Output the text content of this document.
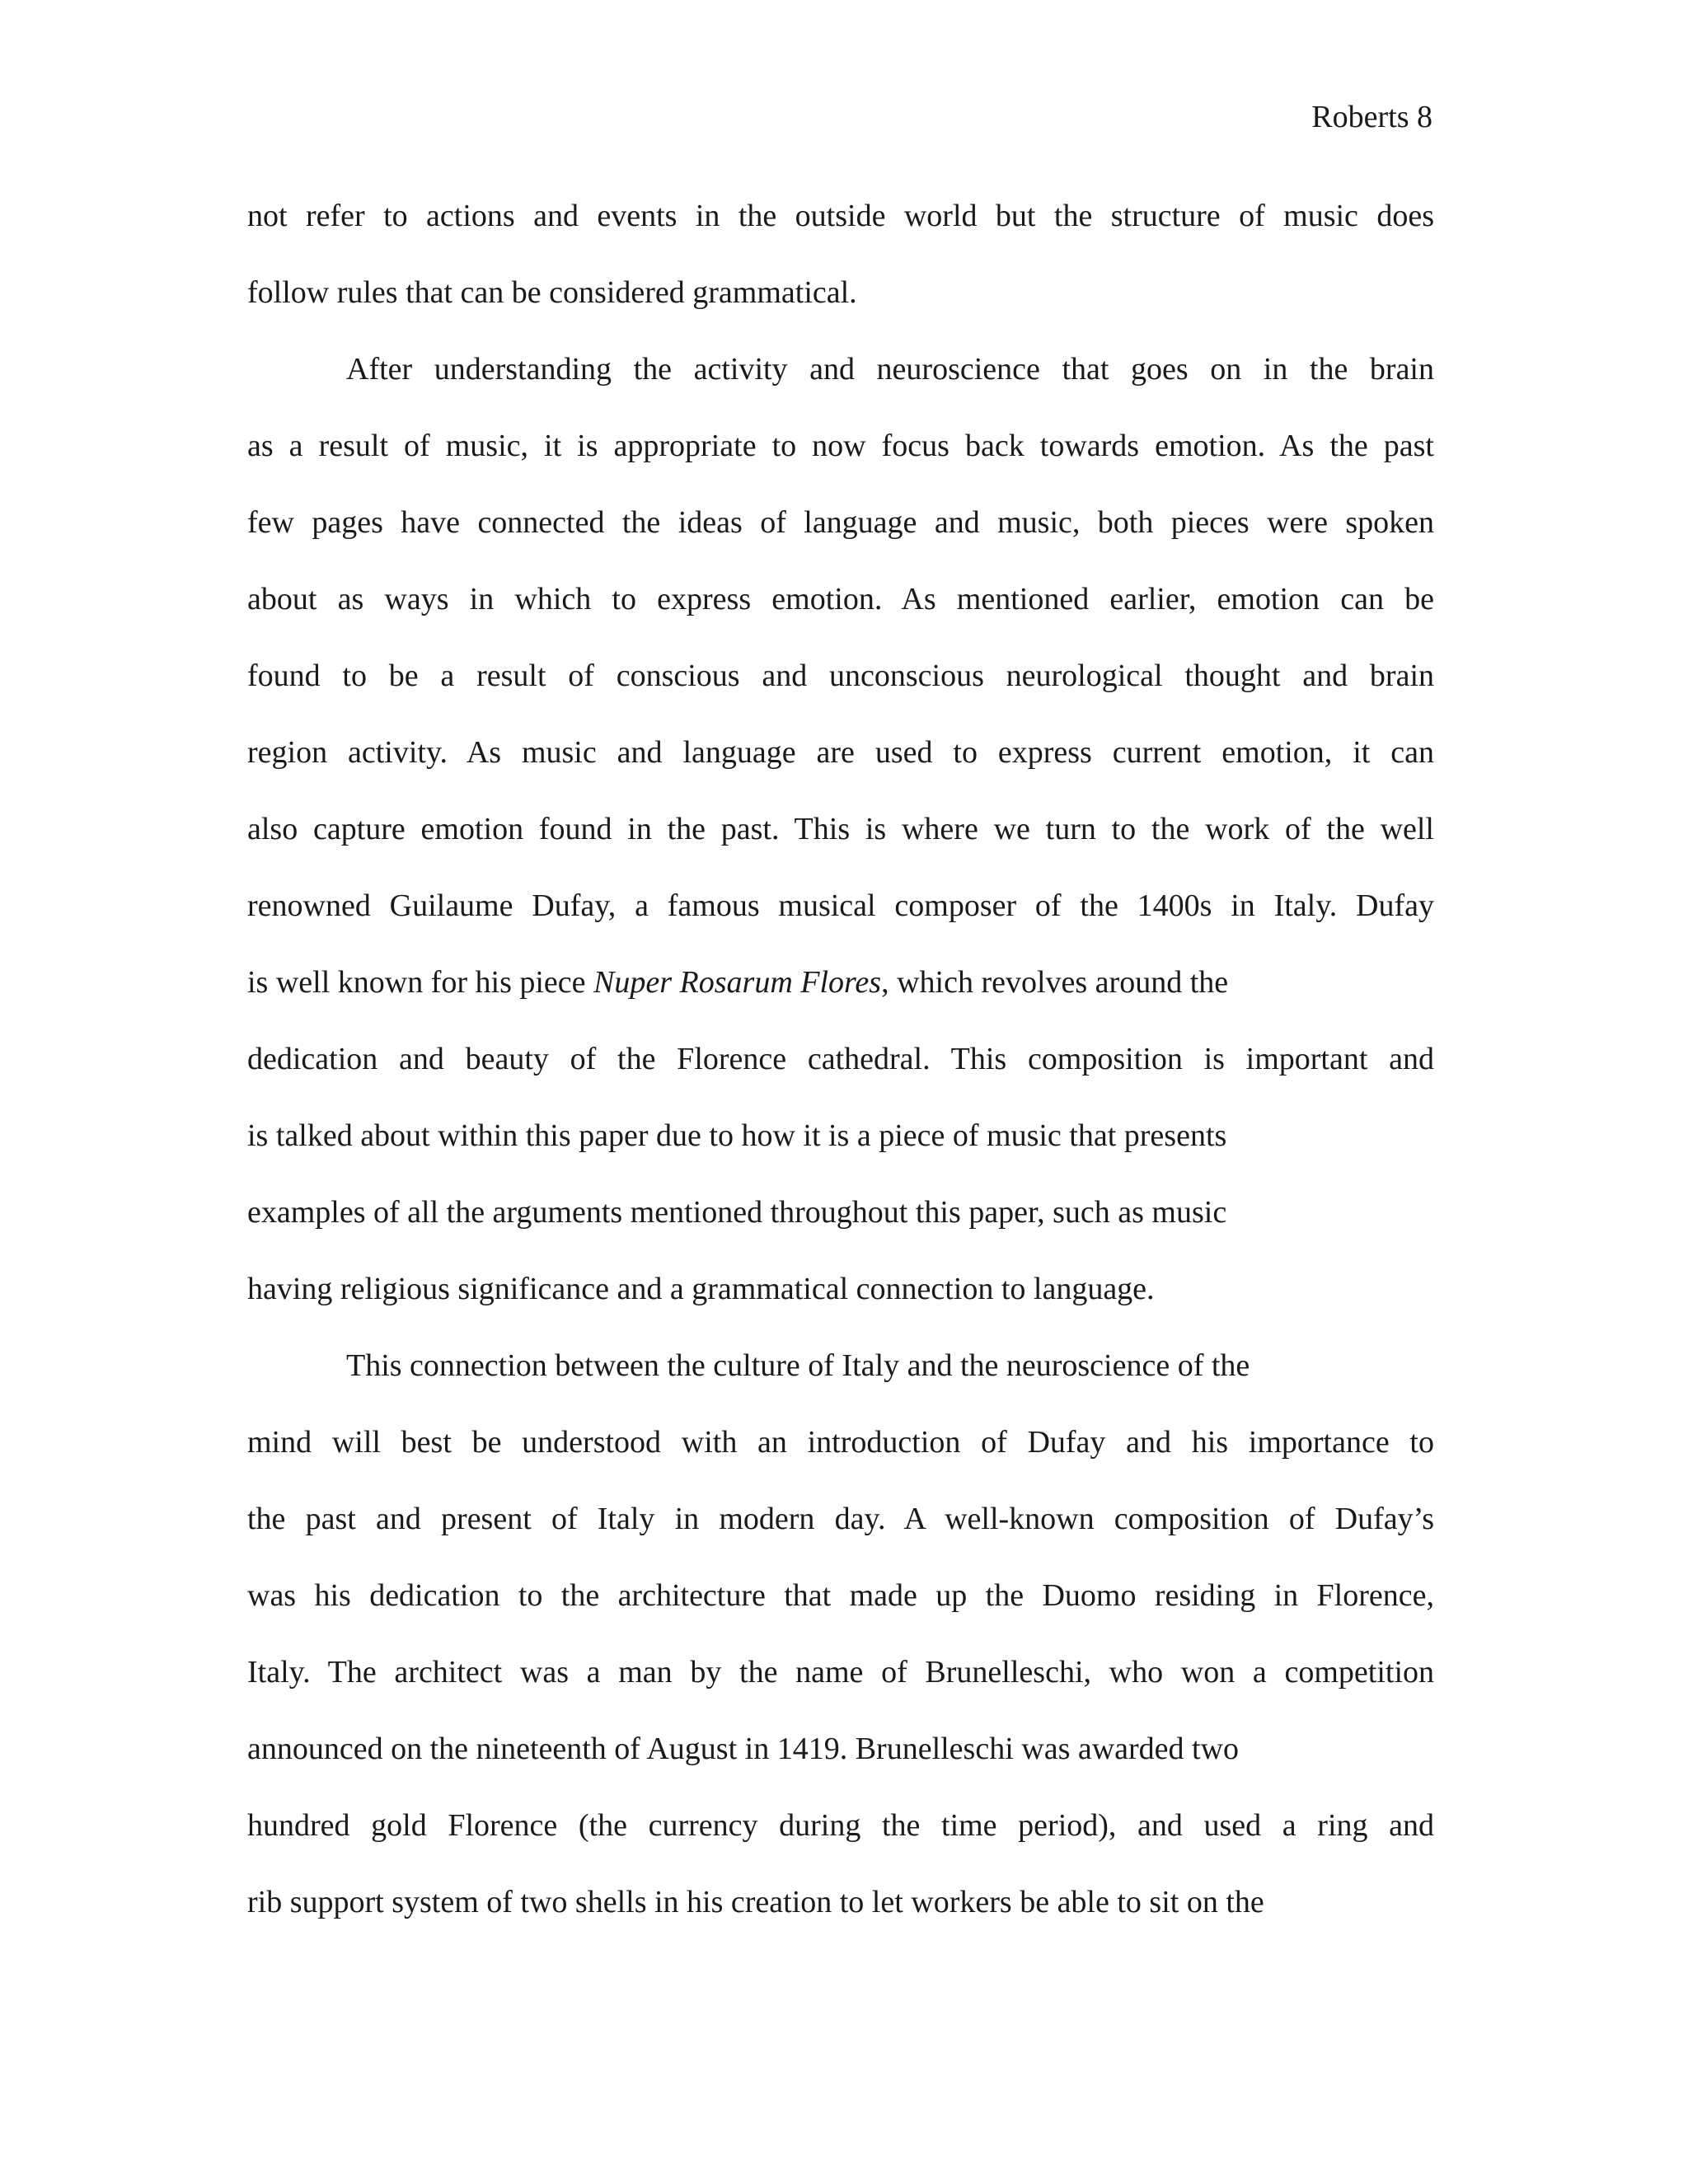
Roberts 8
not refer to actions and events in the outside world but the structure of music does
follow rules that can be considered grammatical.
After understanding the activity and neuroscience that goes on in the brain
as a result of music, it is appropriate to now focus back towards emotion. As the past
few pages have connected the ideas of language and music, both pieces were spoken
about as ways in which to express emotion. As mentioned earlier, emotion can be
found to be a result of conscious and unconscious neurological thought and brain
region activity. As music and language are used to express current emotion, it can
also capture emotion found in the past. This is where we turn to the work of the well
renowned Guilaume Dufay, a famous musical composer of the 1400s in Italy. Dufay
is well known for his piece Nuper Rosarum Flores, which revolves around the
dedication and beauty of the Florence cathedral. This composition is important and
is talked about within this paper due to how it is a piece of music that presents
examples of all the arguments mentioned throughout this paper, such as music
having religious significance and a grammatical connection to language.
This connection between the culture of Italy and the neuroscience of the
mind will best be understood with an introduction of Dufay and his importance to
the past and present of Italy in modern day. A well-known composition of Dufay’s
was his dedication to the architecture that made up the Duomo residing in Florence,
Italy. The architect was a man by the name of Brunelleschi, who won a competition
announced on the nineteenth of August in 1419. Brunelleschi was awarded two
hundred gold Florence (the currency during the time period), and used a ring and
rib support system of two shells in his creation to let workers be able to sit on the
